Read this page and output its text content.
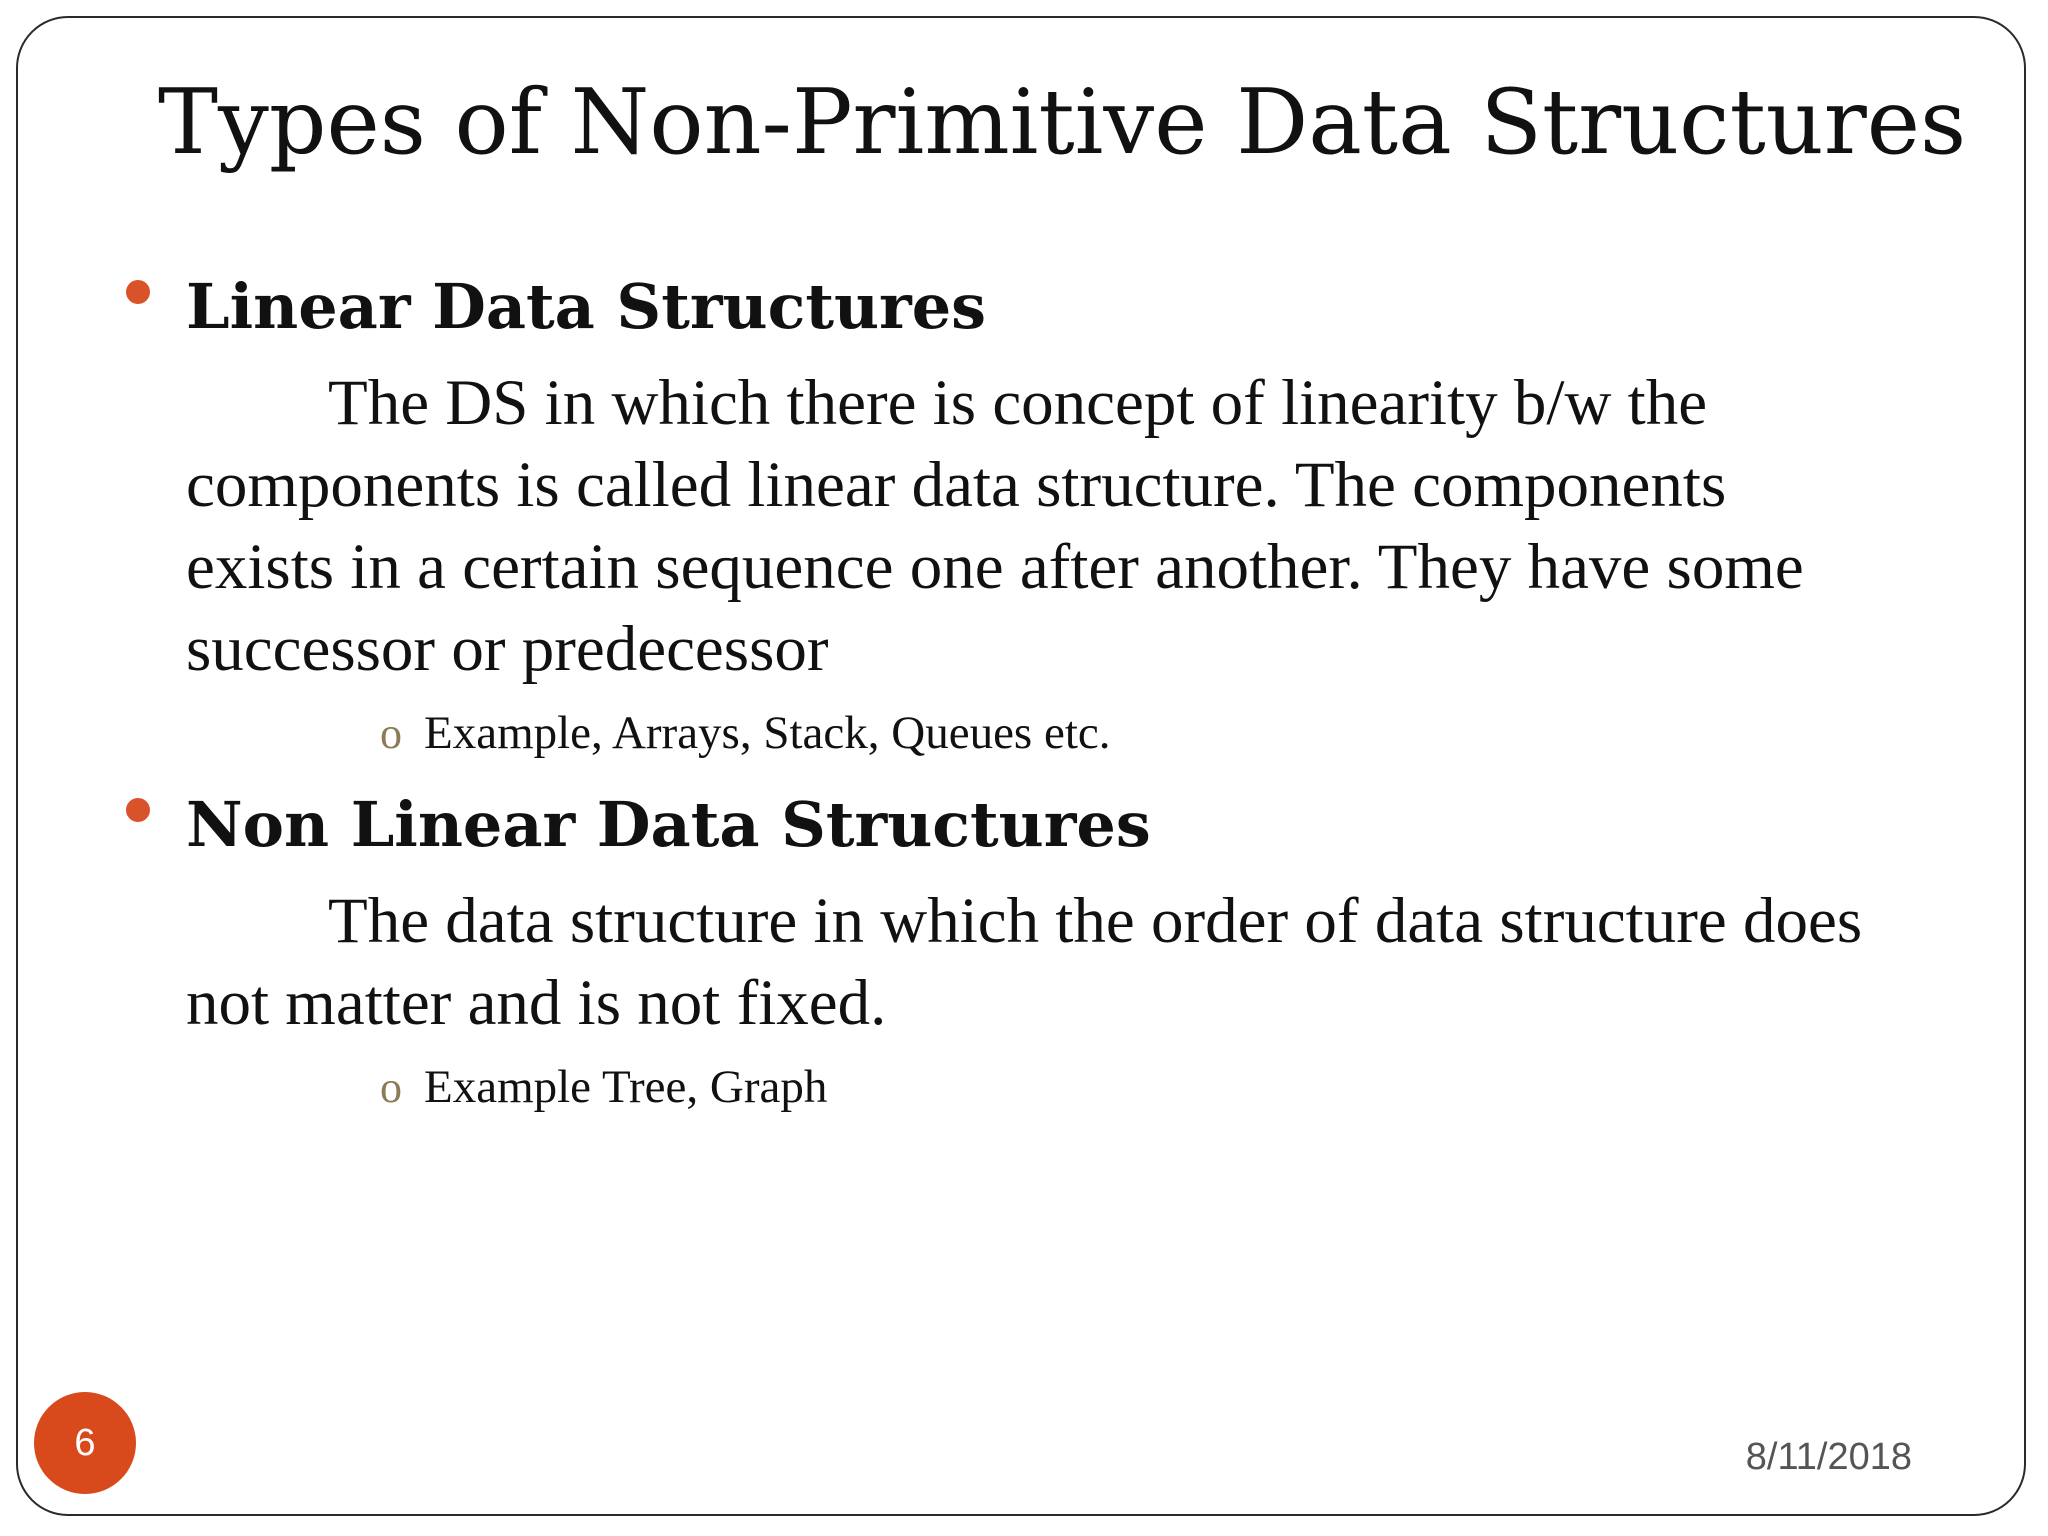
Types of Non-Primitive Data Structures
Linear Data Structures
The DS in which there is concept of linearity b/w the components is called linear data structure. The components exists in a certain sequence one after another. They have some successor or predecessor
o Example, Arrays, Stack, Queues etc.
Non Linear Data Structures
The data structure in which the order of data structure does not matter and is not fixed.
o Example Tree, Graph
6	8/11/2018
